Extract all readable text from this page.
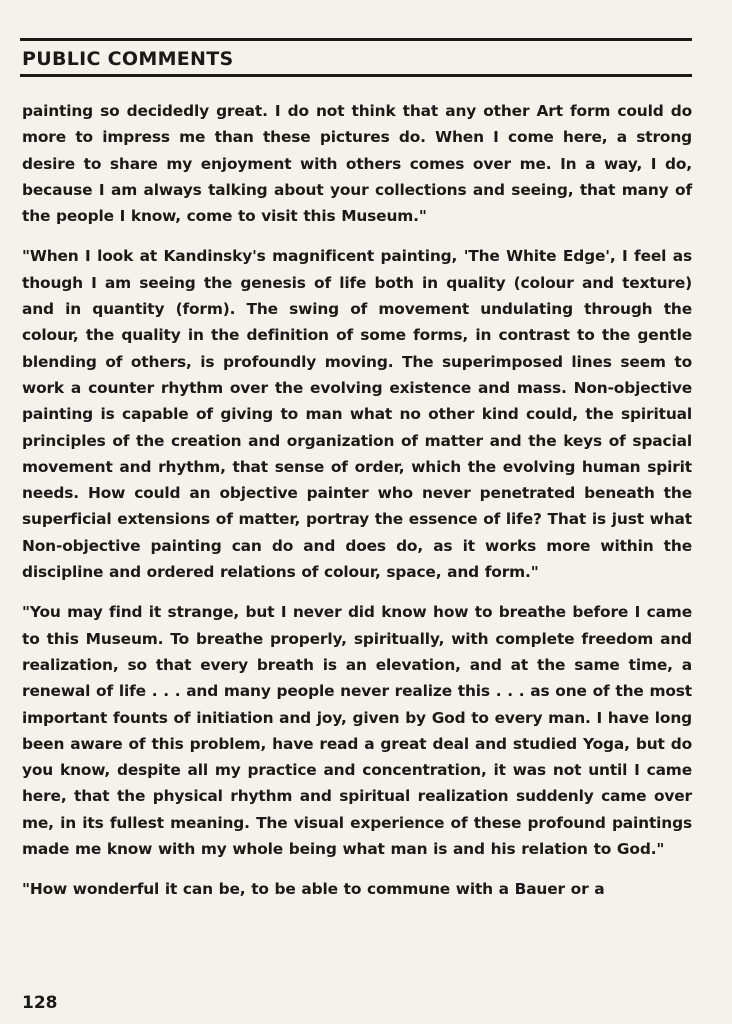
PUBLIC COMMENTS

painting so decidedly great. I do not think that any other Art form could do more to impress me than these pictures do. When I come here, a strong desire to share my enjoyment with others comes over me. In a way, I do, because I am always talking about your collections and seeing, that many of the people I know, come to visit this Museum."

"When I look at Kandinsky's magnificent painting, 'The White Edge', I feel as though I am seeing the genesis of life both in quality (colour and texture) and in quantity (form). The swing of movement undulating through the colour, the quality in the definition of some forms, in contrast to the gentle blending of others, is profoundly moving. The superimposed lines seem to work a counter rhythm over the evolving existence and mass. Non-objective painting is capable of giving to man what no other kind could, the spiritual principles of the creation and organization of matter and the keys of spacial movement and rhythm, that sense of order, which the evolving human spirit needs. How could an objective painter who never penetrated beneath the superficial extensions of matter, portray the essence of life? That is just what Non-objective painting can do and does do, as it works more within the discipline and ordered relations of colour, space, and form."

"You may find it strange, but I never did know how to breathe before I came to this Museum. To breathe properly, spiritually, with complete freedom and realization, so that every breath is an elevation, and at the same time, a renewal of life . . . and many people never realize this . . . as one of the most important founts of initiation and joy, given by God to every man. I have long been aware of this problem, have read a great deal and studied Yoga, but do you know, despite all my practice and concentration, it was not until I came here, that the physical rhythm and spiritual realization suddenly came over me, in its fullest meaning. The visual experience of these profound paintings made me know with my whole being what man is and his relation to God."

"How wonderful it can be, to be able to commune with a Bauer or a

128
